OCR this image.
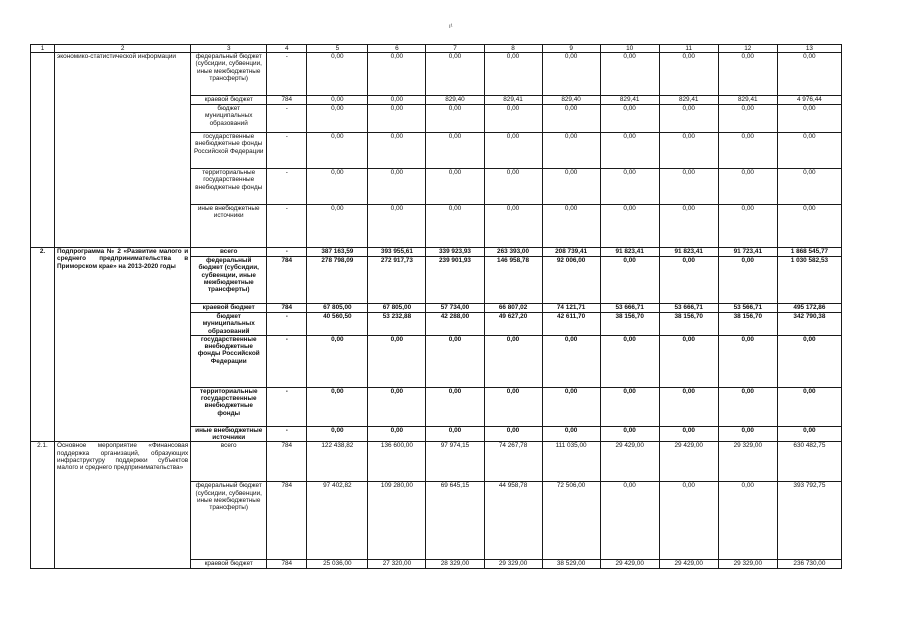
ı¹
1	2	3	4	5	6	7	8	9	10	11	12	13
	экономико-статистической информации	федеральный бюджет (субсидии, субвенции, иные межбюджетные трансферты)	-	0,00	0,00	0,00	0,00	0,00	0,00	0,00	0,00	0,00
		краевой бюджет	784	0,00	0,00	829,40	829,41	829,40	829,41	829,41	829,41	4 976,44
		бюджет муниципальных образований	-	0,00	0,00	0,00	0,00	0,00	0,00	0,00	0,00	0,00
		государственные внебюджетные фонды Российской Федерации	-	0,00	0,00	0,00	0,00	0,00	0,00	0,00	0,00	0,00
		территориальные государственные внебюджетные фонды	-	0,00	0,00	0,00	0,00	0,00	0,00	0,00	0,00	0,00
		иные внебюджетные источники	-	0,00	0,00	0,00	0,00	0,00	0,00	0,00	0,00	0,00
2.	Подпрограмма № 2 «Развитие малого и среднего предпринимательства в Приморском крае» на 2013-2020 годы	всего	-	387 163,59	393 955,61	339 923,93	263 393,00	208 739,41	91 823,41	91 823,41	91 723,41	1 868 545,77
		федеральный бюджет (субсидии, субвенции, иные межбюджетные трансферты)	784	278 798,09	272 917,73	239 901,93	146 958,78	92 006,00	0,00	0,00	0,00	1 030 582,53
		краевой бюджет	784	67 805,00	67 805,00	57 734,00	66 807,02	74 121,71	53 666,71	53 666,71	53 566,71	495 172,86
		бюджет муниципальных образований	-	40 560,50	53 232,88	42 288,00	49 627,20	42 611,70	38 156,70	38 156,70	38 156,70	342 790,38
		государственные внебюджетные фонды Российской Федерации	-	0,00	0,00	0,00	0,00	0,00	0,00	0,00	0,00	0,00
		территориальные государственные внебюджетные фонды	-	0,00	0,00	0,00	0,00	0,00	0,00	0,00	0,00	0,00
		иные внебюджетные источники	-	0,00	0,00	0,00	0,00	0,00	0,00	0,00	0,00	0,00
2.1.	Основное мероприятие «Финансовая поддержка организаций, образующих инфраструктуру поддержки субъектов малого и среднего предпринимательства»	всего	784	122 438,82	136 600,00	97 974,15	74 267,78	111 035,00	29 429,00	29 429,00	29 329,00	630 482,75
		федеральный бюджет (субсидии, субвенции, иные межбюджетные трансферты)	784	97 402,82	109 280,00	69 645,15	44 958,78	72 506,00	0,00	0,00	0,00	393 792,75
		краевой бюджет	784	25 036,00	27 320,00	28 329,00	29 329,00	38 529,00	29 429,00	29 429,00	29 329,00	236 730,00
